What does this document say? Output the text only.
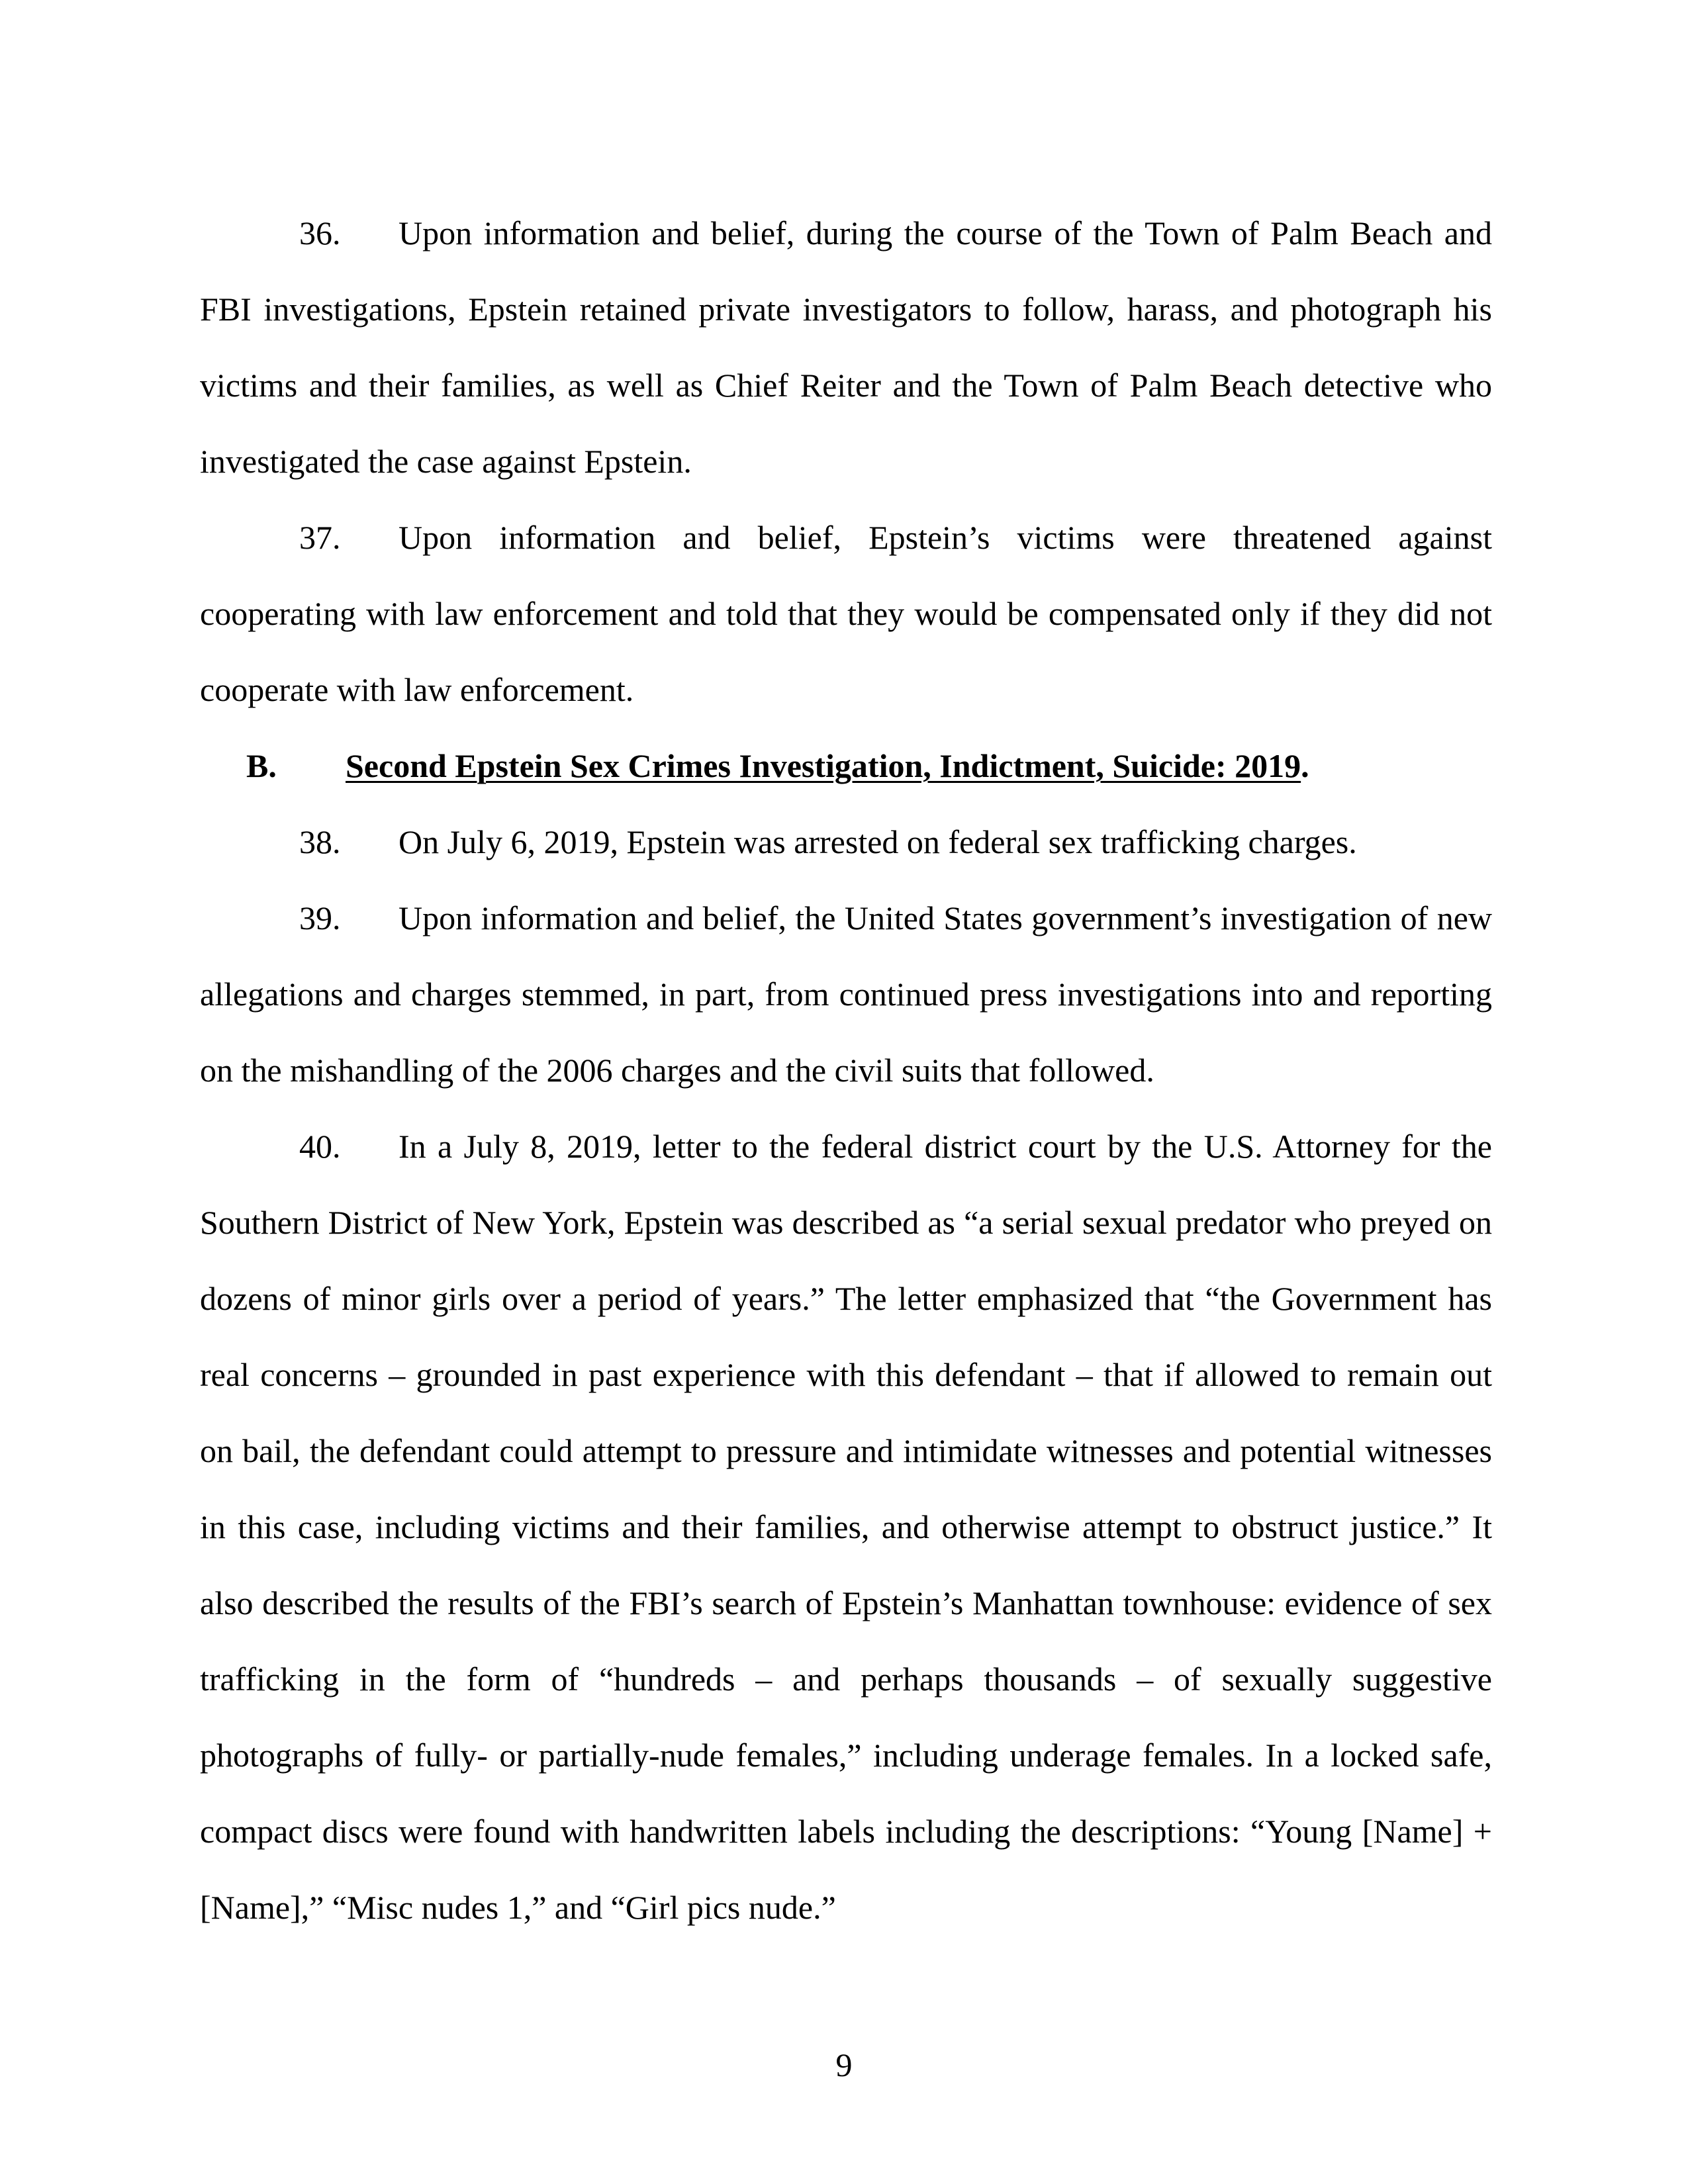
36. Upon information and belief, during the course of the Town of Palm Beach and FBI investigations, Epstein retained private investigators to follow, harass, and photograph his victims and their families, as well as Chief Reiter and the Town of Palm Beach detective who investigated the case against Epstein.

37. Upon information and belief, Epstein’s victims were threatened against cooperating with law enforcement and told that they would be compensated only if they did not cooperate with law enforcement.

B. Second Epstein Sex Crimes Investigation, Indictment, Suicide: 2019.

38. On July 6, 2019, Epstein was arrested on federal sex trafficking charges.

39. Upon information and belief, the United States government’s investigation of new allegations and charges stemmed, in part, from continued press investigations into and reporting on the mishandling of the 2006 charges and the civil suits that followed.

40. In a July 8, 2019, letter to the federal district court by the U.S. Attorney for the Southern District of New York, Epstein was described as “a serial sexual predator who preyed on dozens of minor girls over a period of years.” The letter emphasized that “the Government has real concerns – grounded in past experience with this defendant – that if allowed to remain out on bail, the defendant could attempt to pressure and intimidate witnesses and potential witnesses in this case, including victims and their families, and otherwise attempt to obstruct justice.” It also described the results of the FBI’s search of Epstein’s Manhattan townhouse: evidence of sex trafficking in the form of “hundreds – and perhaps thousands – of sexually suggestive photographs of fully- or partially-nude females,” including underage females. In a locked safe, compact discs were found with handwritten labels including the descriptions: “Young [Name] + [Name],” “Misc nudes 1,” and “Girl pics nude.”

9
